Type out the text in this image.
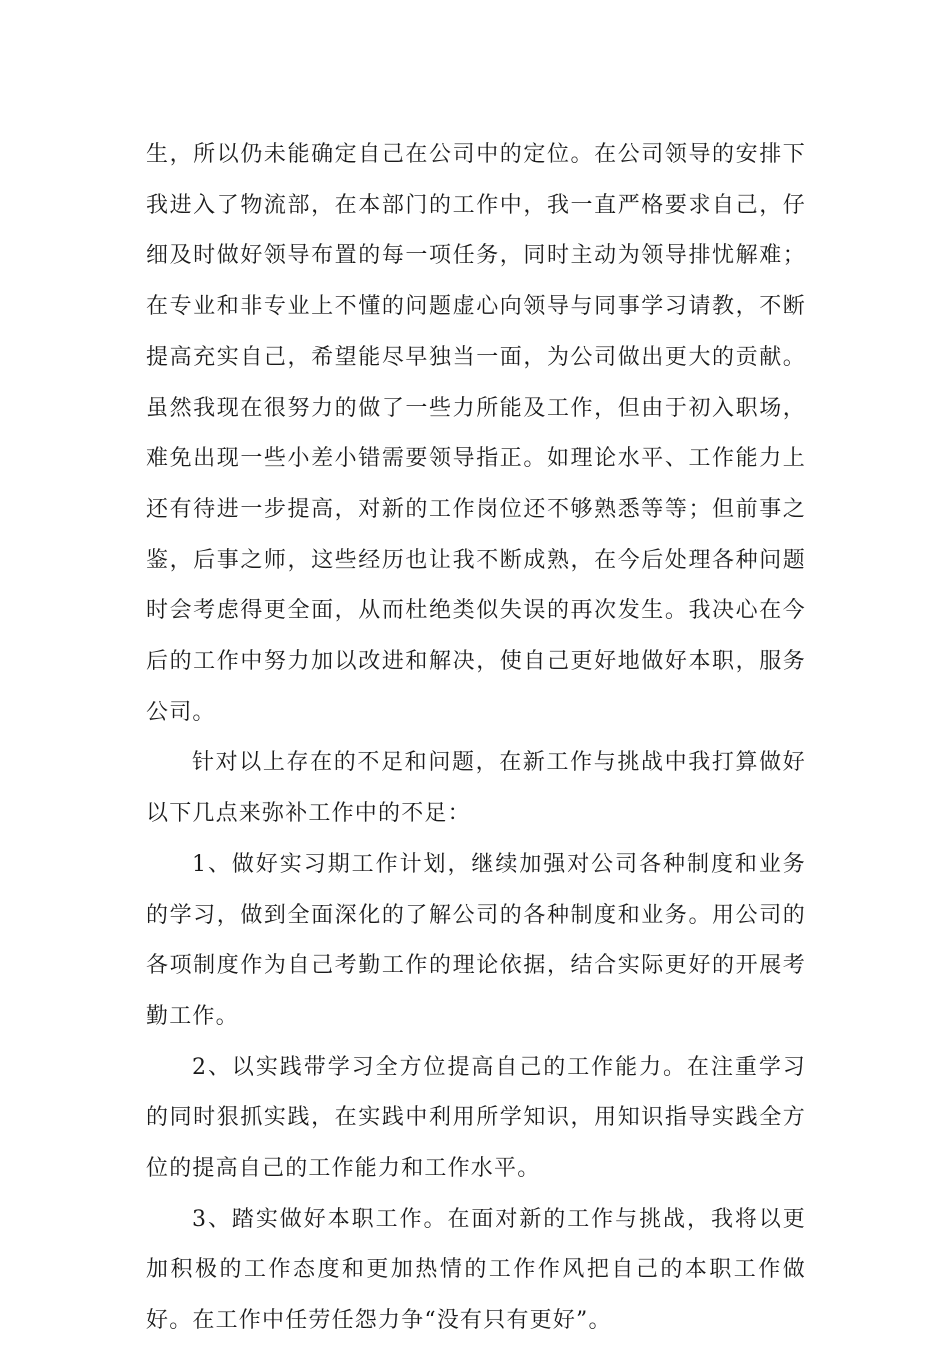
生，所以仍未能确定自己在公司中的定位。在公司领导的安排下我进入了物流部，在本部门的工作中，我一直严格要求自己，仔细及时做好领导布置的每一项任务，同时主动为领导排忧解难；在专业和非专业上不懂的问题虚心向领导与同事学习请教，不断提高充实自己，希望能尽早独当一面，为公司做出更大的贡献。虽然我现在很努力的做了一些力所能及工作，但由于初入职场，难免出现一些小差小错需要领导指正。如理论水平、工作能力上还有待进一步提高，对新的工作岗位还不够熟悉等等；但前事之鉴，后事之师，这些经历也让我不断成熟，在今后处理各种问题时会考虑得更全面，从而杜绝类似失误的再次发生。我决心在今后的工作中努力加以改进和解决，使自己更好地做好本职，服务公司。

针对以上存在的不足和问题，在新工作与挑战中我打算做好以下几点来弥补工作中的不足：

1、做好实习期工作计划，继续加强对公司各种制度和业务的学习，做到全面深化的了解公司的各种制度和业务。用公司的各项制度作为自己考勤工作的理论依据，结合实际更好的开展考勤工作。

2、以实践带学习全方位提高自己的工作能力。在注重学习的同时狠抓实践，在实践中利用所学知识，用知识指导实践全方位的提高自己的工作能力和工作水平。

3、踏实做好本职工作。在面对新的工作与挑战，我将以更加积极的工作态度和更加热情的工作作风把自己的本职工作做好。在工作中任劳任怨力争“没有只有更好”。
